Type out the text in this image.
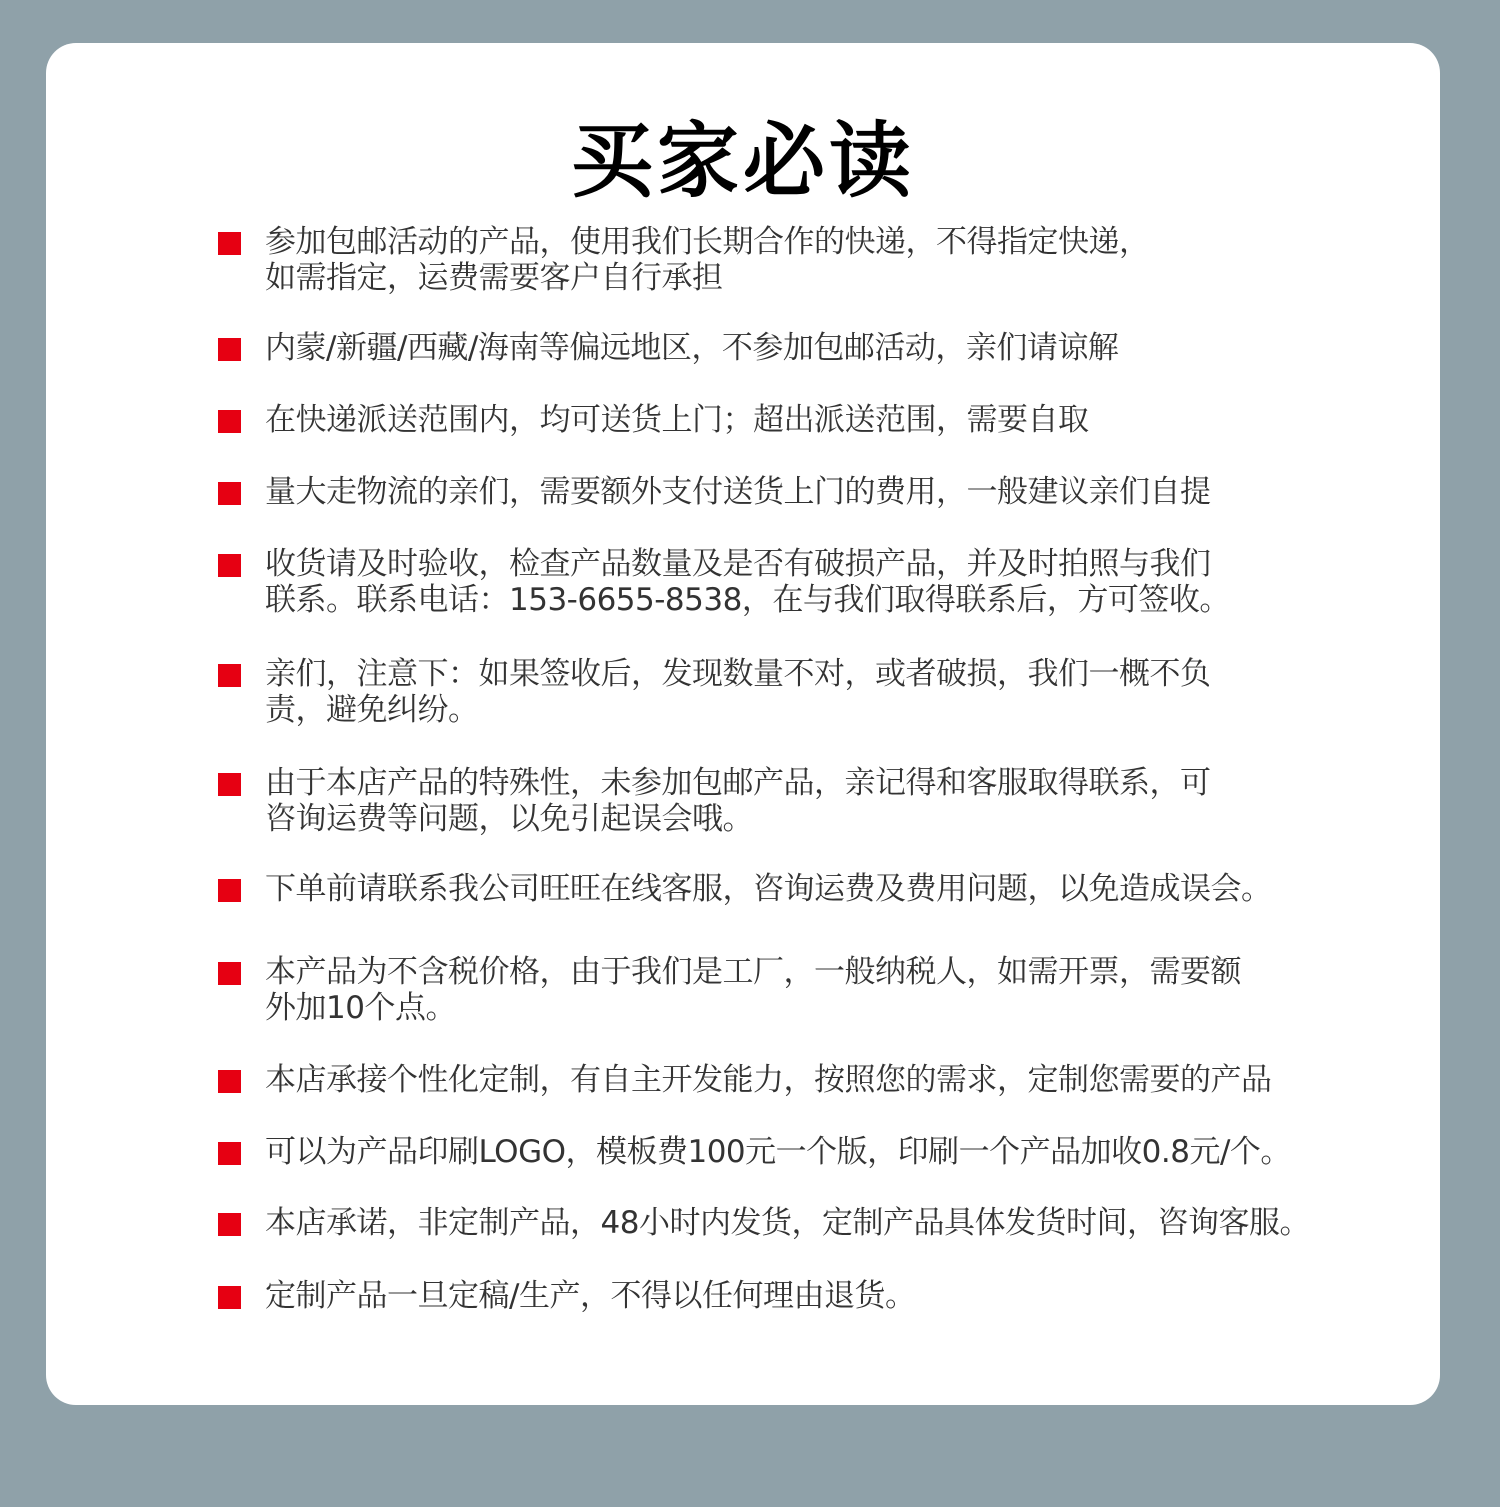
买家必读
参加包邮活动的产品，使用我们长期合作的快递，不得指定快递，
如需指定，运费需要客户自行承担
内蒙/新疆/西藏/海南等偏远地区，不参加包邮活动，亲们请谅解
在快递派送范围内，均可送货上门；超出派送范围，需要自取
量大走物流的亲们，需要额外支付送货上门的费用，一般建议亲们自提
收货请及时验收，检查产品数量及是否有破损产品，并及时拍照与我们
联系。联系电话：153-6655-8538，在与我们取得联系后，方可签收。
亲们，注意下：如果签收后，发现数量不对，或者破损，我们一概不负
责，避免纠纷。
由于本店产品的特殊性，未参加包邮产品，亲记得和客服取得联系，可
咨询运费等问题，以免引起误会哦。
下单前请联系我公司旺旺在线客服，咨询运费及费用问题，以免造成误会。
本产品为不含税价格，由于我们是工厂，一般纳税人，如需开票，需要额
外加10个点。
本店承接个性化定制，有自主开发能力，按照您的需求，定制您需要的产品
可以为产品印刷LOGO，模板费100元一个版，印刷一个产品加收0.8元/个。
本店承诺，非定制产品，48小时内发货，定制产品具体发货时间，咨询客服。
定制产品一旦定稿/生产，不得以任何理由退货。
